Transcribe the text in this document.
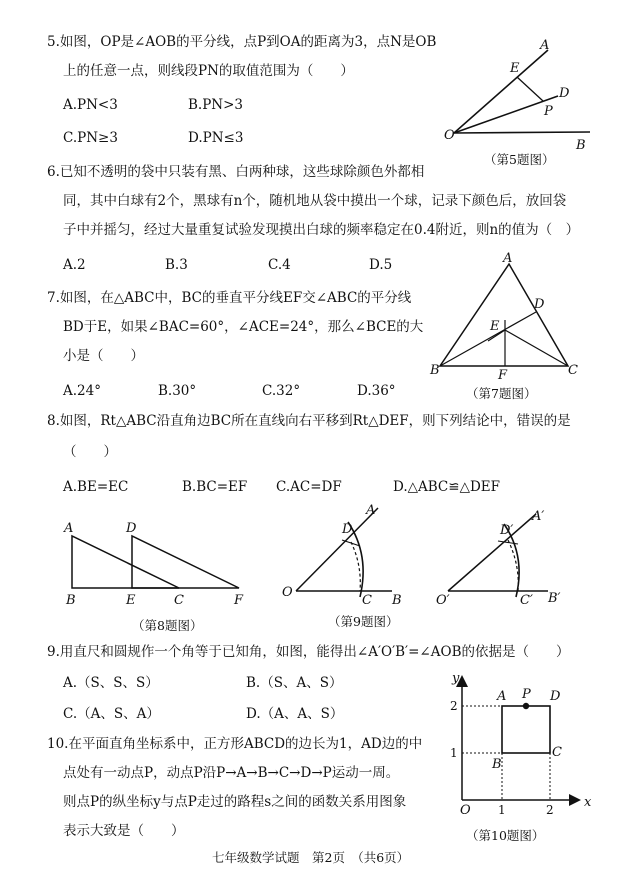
5.如图，OP是∠AOB的平分线，点P到OA的距离为3，点N是OB
上的任意一点，则线段PN的取值范围为（　　）
A.PN<3	B.PN>3
C.PN≥3	D.PN≤3
A
E
D
P
O
B
（第5题图）
6.已知不透明的袋中只装有黑、白两种球，这些球除颜色外都相
同，其中白球有2个，黑球有n个，随机地从袋中摸出一个球，记录下颜色后，放回袋
子中并摇匀，经过大量重复试验发现摸出白球的频率稳定在0.4附近，则n的值为（　）
A.2	B.3	C.4	D.5
7.如图，在△ABC中，BC的垂直平分线EF交∠ABC的平分线
BD于E，如果∠BAC=60°，∠ACE=24°，那么∠BCE的大
小是（　　）
A.24°	B.30°	C.32°	D.36°
A
D
E
B	F	C
（第7题图）
8.如图，Rt△ABC沿直角边BC所在直线向右平移到Rt△DEF，则下列结论中，错误的是
（　　）
A.BE=EC	B.BC=EF C.AC=DF	D.△ABC≌△DEF
A	D
B	E	C	F
（第8题图）
D
A
O
C B
D′
A′
O′	C′ B′
（第9题图）
9.用直尺和圆规作一个角等于已知角，如图，能得出∠A′O′B′=∠AOB的依据是（　　）
A.（S、S、S）	B.（S、A、S）
C.（A、S、A）	D.（A、A、S）
10.在平面直角坐标系中，正方形ABCD的边长为1，AD边的中
点处有一动点P，动点P沿P→A→B→C→D→P运动一周。
则点P的纵坐标y与点P走过的路程s之间的函数关系用图象
表示大致是（　　）
y
x
O 1	2
2
1
A P D
B
C
（第10题图）
七年级数学试题　第2页　（共6页）
